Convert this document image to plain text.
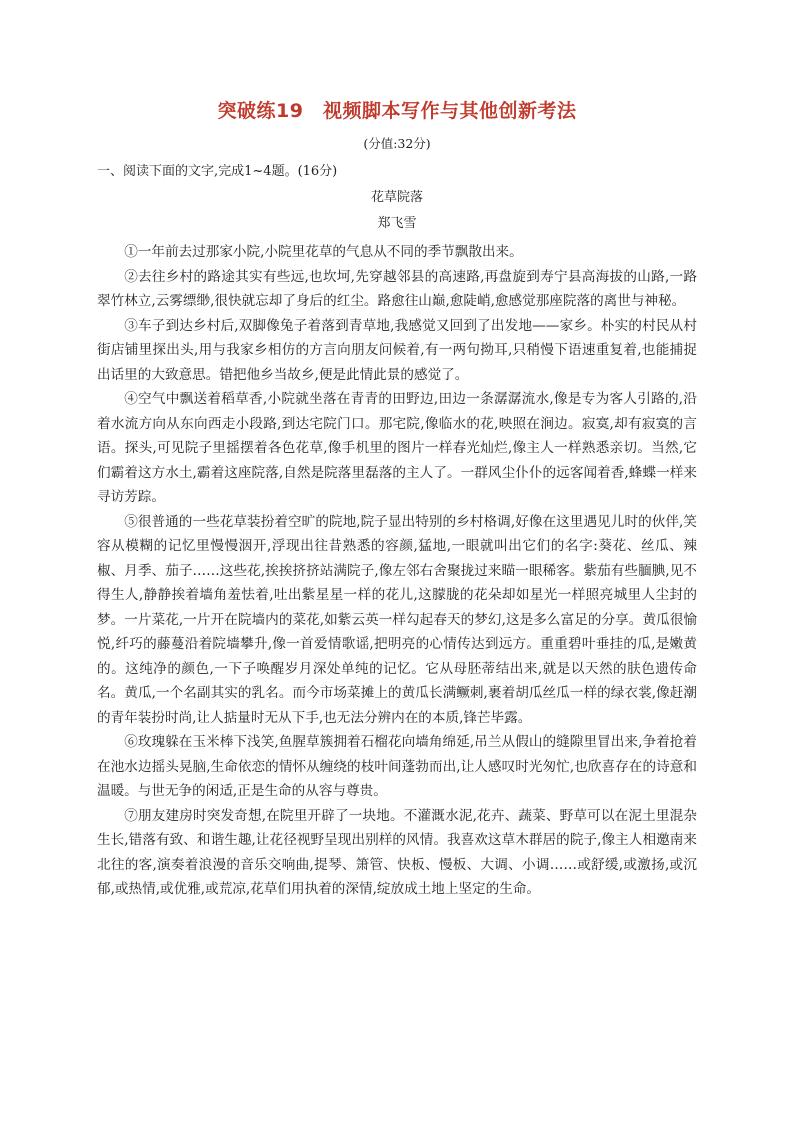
突破练19　视频脚本写作与其他创新考法
(分值:32分)
一、阅读下面的文字,完成1~4题。(16分)
花草院落
郑飞雪

①一年前去过那家小院,小院里花草的气息从不同的季节飘散出来。

②去往乡村的路途其实有些远,也坎坷,先穿越邻县的高速路,再盘旋到寿宁县高海拔的山路,一路翠竹林立,云雾缥缈,很快就忘却了身后的红尘。路愈往山巅,愈陡峭,愈感觉那座院落的离世与神秘。

③车子到达乡村后,双脚像兔子着落到青草地,我感觉又回到了出发地——家乡。朴实的村民从村街店铺里探出头,用与我家乡相仿的方言向朋友问候着,有一两句拗耳,只稍慢下语速重复着,也能捕捉出话里的大致意思。错把他乡当故乡,便是此情此景的感觉了。

④空气中飘送着稻草香,小院就坐落在青青的田野边,田边一条潺潺流水,像是专为客人引路的,沿着水流方向从东向西走小段路,到达宅院门口。那宅院,像临水的花,映照在涧边。寂寞,却有寂寞的言语。探头,可见院子里摇摆着各色花草,像手机里的图片一样春光灿烂,像主人一样熟悉亲切。当然,它们霸着这方水土,霸着这座院落,自然是院落里磊落的主人了。一群风尘仆仆的远客闻着香,蜂蝶一样来寻访芳踪。

⑤很普通的一些花草装扮着空旷的院地,院子显出特别的乡村格调,好像在这里遇见儿时的伙伴,笑容从模糊的记忆里慢慢洇开,浮现出往昔熟悉的容颜,猛地,一眼就叫出它们的名字:葵花、丝瓜、辣椒、月季、茄子……这些花,挨挨挤挤站满院子,像左邻右舍聚拢过来瞄一眼稀客。紫茄有些腼腆,见不得生人,静静挨着墙角羞怯着,吐出紫星星一样的花儿,这朦胧的花朵却如星光一样照亮城里人尘封的梦。一片菜花,一片开在院墙内的菜花,如紫云英一样勾起春天的梦幻,这是多么富足的分享。黄瓜很愉悦,纤巧的藤蔓沿着院墙攀升,像一首爱情歌谣,把明亮的心情传达到远方。重重碧叶垂挂的瓜,是嫩黄的。这纯净的颜色,一下子唤醒岁月深处单纯的记忆。它从母胚蒂结出来,就是以天然的肤色遗传命名。黄瓜,一个名副其实的乳名。而今市场菜摊上的黄瓜长满鳜刺,裹着胡瓜丝瓜一样的绿衣裳,像赶潮的青年装扮时尚,让人掂量时无从下手,也无法分辨内在的本质,锋芒毕露。

⑥玫瑰躲在玉米棒下浅笑,鱼腥草簇拥着石榴花向墙角绵延,吊兰从假山的缝隙里冒出来,争着抢着在池水边摇头晃脑,生命依恋的情怀从缠绕的枝叶间蓬勃而出,让人感叹时光匆忙,也欣喜存在的诗意和温暖。与世无争的闲适,正是生命的从容与尊贵。

⑦朋友建房时突发奇想,在院里开辟了一块地。不灌溉水泥,花卉、蔬菜、野草可以在泥土里混杂生长,错落有致、和谐生趣,让花径视野呈现出别样的风情。我喜欢这草木群居的院子,像主人相邀南来北往的客,演奏着浪漫的音乐交响曲,提琴、箫管、快板、慢板、大调、小调……或舒缓,或激扬,或沉郁,或热情,或优雅,或荒凉,花草们用执着的深情,绽放成土地上坚定的生命。
